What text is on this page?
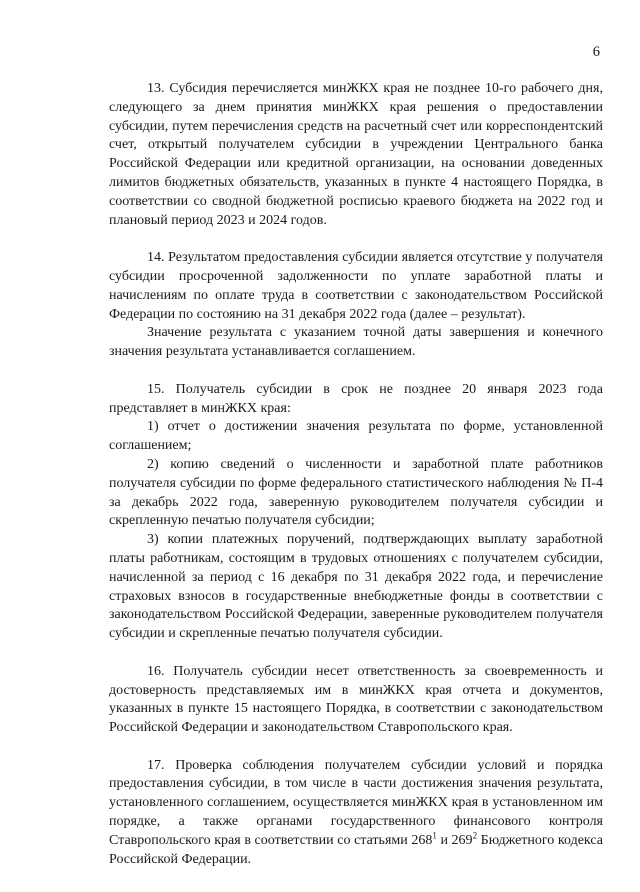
6

13. Субсидия перечисляется минЖКХ края не позднее 10-го рабочего дня, следующего за днем принятия минЖКХ края решения о предоставлении субсидии, путем перечисления средств на расчетный счет или корреспондентский счет, открытый получателем субсидии в учреждении Центрального банка Российской Федерации или кредитной организации, на основании доведенных лимитов бюджетных обязательств, указанных в пункте 4 настоящего Порядка, в соответствии со сводной бюджетной росписью краевого бюджета на 2022 год и плановый период 2023 и 2024 годов.

14. Результатом предоставления субсидии является отсутствие у получателя субсидии просроченной задолженности по уплате заработной платы и начислениям по оплате труда в соответствии с законодательством Российской Федерации по состоянию на 31 декабря 2022 года (далее – результат).

Значение результата с указанием точной даты завершения и конечного значения результата устанавливается соглашением.

15. Получатель субсидии в срок не позднее 20 января 2023 года представляет в минЖКХ края:

1) отчет о достижении значения результата по форме, установленной соглашением;

2) копию сведений о численности и заработной плате работников получателя субсидии по форме федерального статистического наблюдения № П-4 за декабрь 2022 года, заверенную руководителем получателя субсидии и скрепленную печатью получателя субсидии;

3) копии платежных поручений, подтверждающих выплату заработной платы работникам, состоящим в трудовых отношениях с получателем субсидии, начисленной за период с 16 декабря по 31 декабря 2022 года, и перечисление страховых взносов в государственные внебюджетные фонды в соответствии с законодательством Российской Федерации, заверенные руководителем получателя субсидии и скрепленные печатью получателя субсидии.

16. Получатель субсидии несет ответственность за своевременность и достоверность представляемых им в минЖКХ края отчета и документов, указанных в пункте 15 настоящего Порядка, в соответствии с законодательством Российской Федерации и законодательством Ставропольского края.

17. Проверка соблюдения получателем субсидии условий и порядка предоставления субсидии, в том числе в части достижения значения результата, установленного соглашением, осуществляется минЖКХ края в установленном им порядке, а также органами государственного финансового контроля Ставропольского края в соответствии со статьями $268^1$ и $269^2$ Бюджетного кодекса Российской Федерации.
